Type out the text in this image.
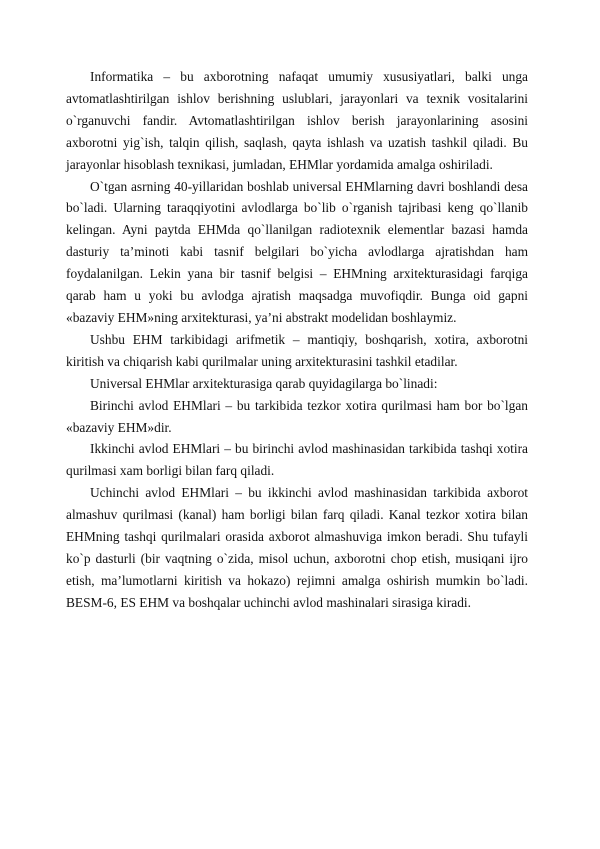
Informatika – bu axborotning nafaqat umumiy xususiyatlari, balki unga avtomatlashtirilgan ishlov berishning uslublari, jarayonlari va texnik vositalarini o`rganuvchi fandir. Avtomatlashtirilgan ishlov berish jarayonlarining asosini axborotni yig`ish, talqin qilish, saqlash, qayta ishlash va uzatish tashkil qiladi. Bu jarayonlar hisoblash texnikasi, jumladan, EHMlar yordamida amalga oshiriladi.

O`tgan asrning 40-yillaridan boshlab universal EHMlarning davri boshlandi desa bo`ladi. Ularning taraqqiyotini avlodlarga bo`lib o`rganish tajribasi keng qo`llanib kelingan. Ayni paytda EHMda qo`llanilgan radiotexnik elementlar bazasi hamda dasturiy ta’minoti kabi tasnif belgilari bo`yicha avlodlarga ajratishdan ham foydalanilgan. Lekin yana bir tasnif belgisi – EHMning arxitekturasidagi farqiga qarab ham u yoki bu avlodga ajratish maqsadga muvofiqdir. Bunga oid gapni «bazaviy EHM»ning arxitekturasi, ya’ni abstrakt modelidan boshlaymiz.

Ushbu EHM tarkibidagi arifmetik – mantiqiy, boshqarish, xotira, axborotni kiritish va chiqarish kabi qurilmalar uning arxitekturasini tashkil etadilar.

Universal EHMlar arxitekturasiga qarab quyidagilarga bo`linadi:

Birinchi avlod EHMlari – bu tarkibida tezkor xotira qurilmasi ham bor bo`lgan «bazaviy EHM»dir.

Ikkinchi avlod EHMlari – bu birinchi avlod mashinasidan tarkibida tashqi xotira qurilmasi xam borligi bilan farq qiladi.

Uchinchi avlod EHMlari – bu ikkinchi avlod mashinasidan tarkibida axborot almashuv qurilmasi (kanal) ham borligi bilan farq qiladi. Kanal tezkor xotira bilan EHMning tashqi qurilmalari orasida axborot almashuviga imkon beradi. Shu tufayli ko`p dasturli (bir vaqtning o`zida, misol uchun, axborotni chop etish, musiqani ijro etish, ma’lumotlarni kiritish va hokazo) rejimni amalga oshirish mumkin bo`ladi. BESM-6, ES EHM va boshqalar uchinchi avlod mashinalari sirasiga kiradi.
